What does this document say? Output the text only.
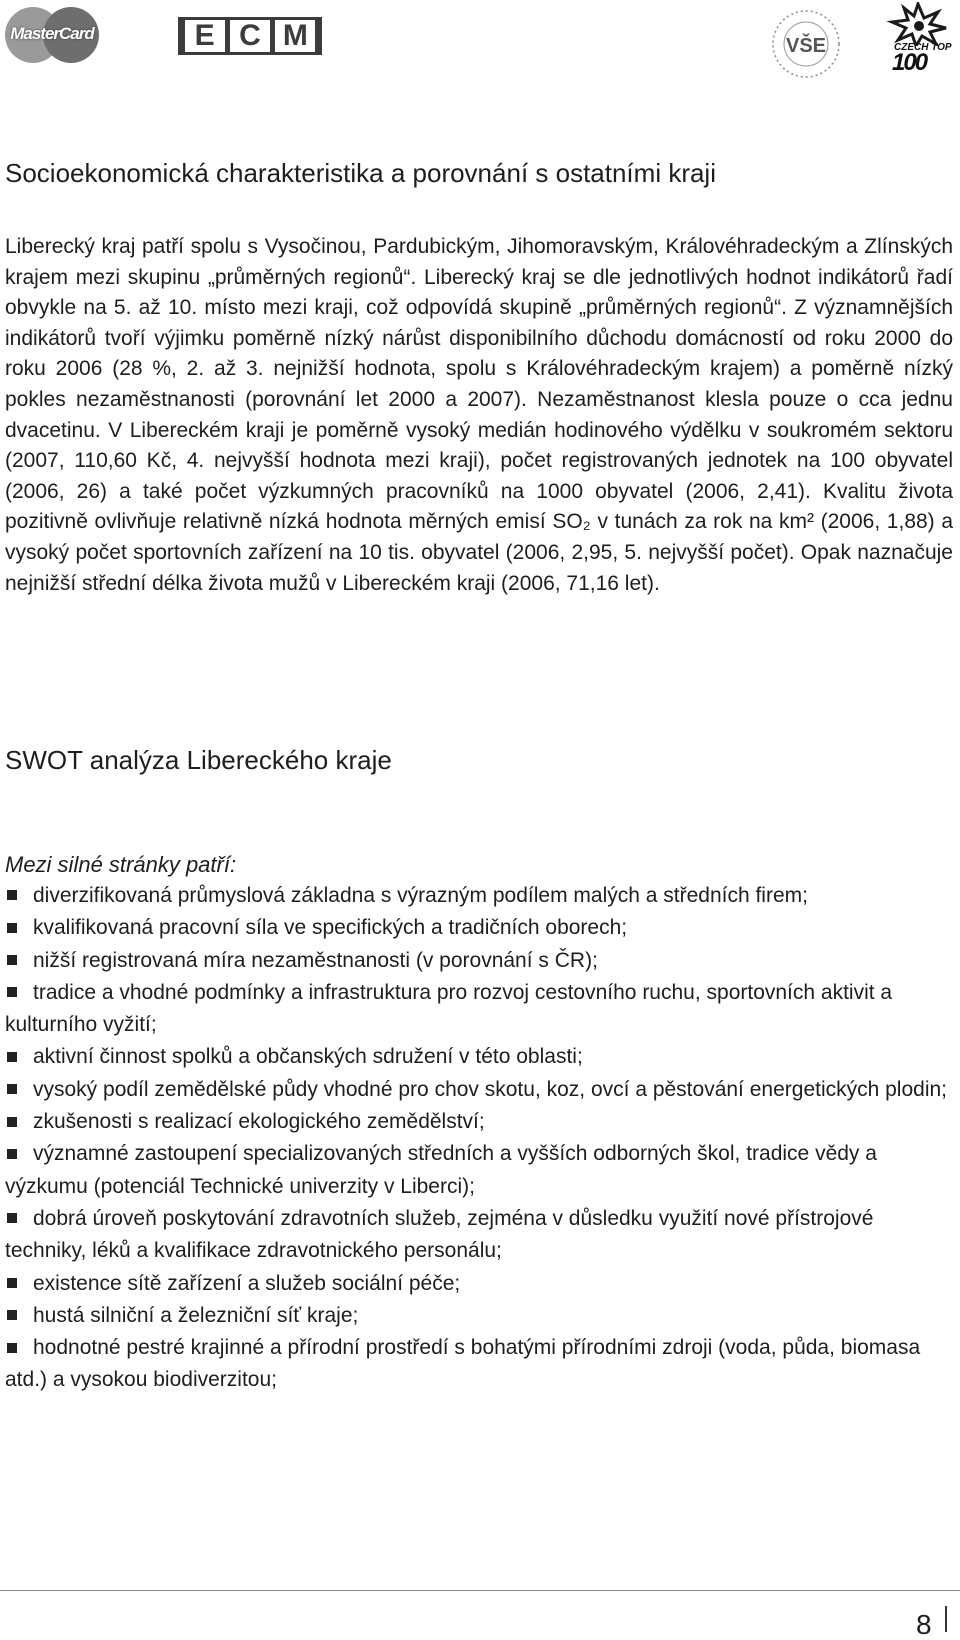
MasterCard	E C M	VŠE	CZECH TOP
100
Socioekonomická charakteristika a porovnání s ostatními kraji

Liberecký kraj patří spolu s Vysočinou, Pardubickým, Jihomoravským, Královéhradeckým a Zlínských krajem mezi skupinu „průměrných regionů“. Liberecký kraj se dle jednotlivých hodnot indikátorů řadí obvykle na 5. až 10. místo mezi kraji, což odpovídá skupině „průměrných regionů“. Z významnějších indikátorů tvoří výjimku poměrně nízký nárůst disponibilního důchodu domácností od roku 2000 do roku 2006 (28 %, 2. až 3. nejnižší hodnota, spolu s Královéhradeckým krajem) a poměrně nízký pokles nezaměstnanosti (porovnání let 2000 a 2007). Nezaměstnanost klesla pouze o cca jednu dvacetinu. V Libereckém kraji je poměrně vysoký medián hodinového výdělku v soukromém sektoru (2007, 110,60 Kč, 4. nejvyšší hodnota mezi kraji), počet registrovaných jednotek na 100 obyvatel (2006, 26) a také počet výzkumných pracovníků na 1000 obyvatel (2006, 2,41). Kvalitu života pozitivně ovlivňuje relativně nízká hodnota měrných emisí SO₂ v tunách za rok na km² (2006, 1,88) a vysoký počet sportovních zařízení na 10 tis. obyvatel (2006, 2,95, 5. nejvyšší počet). Opak naznačuje nejnižší střední délka života mužů v Libereckém kraji (2006, 71,16 let).

SWOT analýza Libereckého kraje

Mezi silné stránky patří:

diverzifikovaná průmyslová základna s výrazným podílem malých a středních firem;
kvalifikovaná pracovní síla ve specifických a tradičních oborech;
nižší registrovaná míra nezaměstnanosti (v porovnání s ČR);
tradice a vhodné podmínky a infrastruktura pro rozvoj cestovního ruchu, sportovních aktivit a kulturního vyžití;
aktivní činnost spolků a občanských sdružení v této oblasti;
vysoký podíl zemědělské půdy vhodné pro chov skotu, koz, ovcí a pěstování energetických plodin;
zkušenosti s realizací ekologického zemědělství;
významné zastoupení specializovaných středních a vyšších odborných škol, tradice vědy a výzkumu (potenciál Technické univerzity v Liberci);
dobrá úroveň poskytování zdravotních služeb, zejména v důsledku využití nové přístrojové techniky, léků a kvalifikace zdravotnického personálu;
existence sítě zařízení a služeb sociální péče;
hustá silniční a železniční síť kraje;
hodnotné pestré krajinné a přírodní prostředí s bohatými přírodními zdroji (voda, půda, biomasa atd.) a vysokou biodiverzitou;

8
